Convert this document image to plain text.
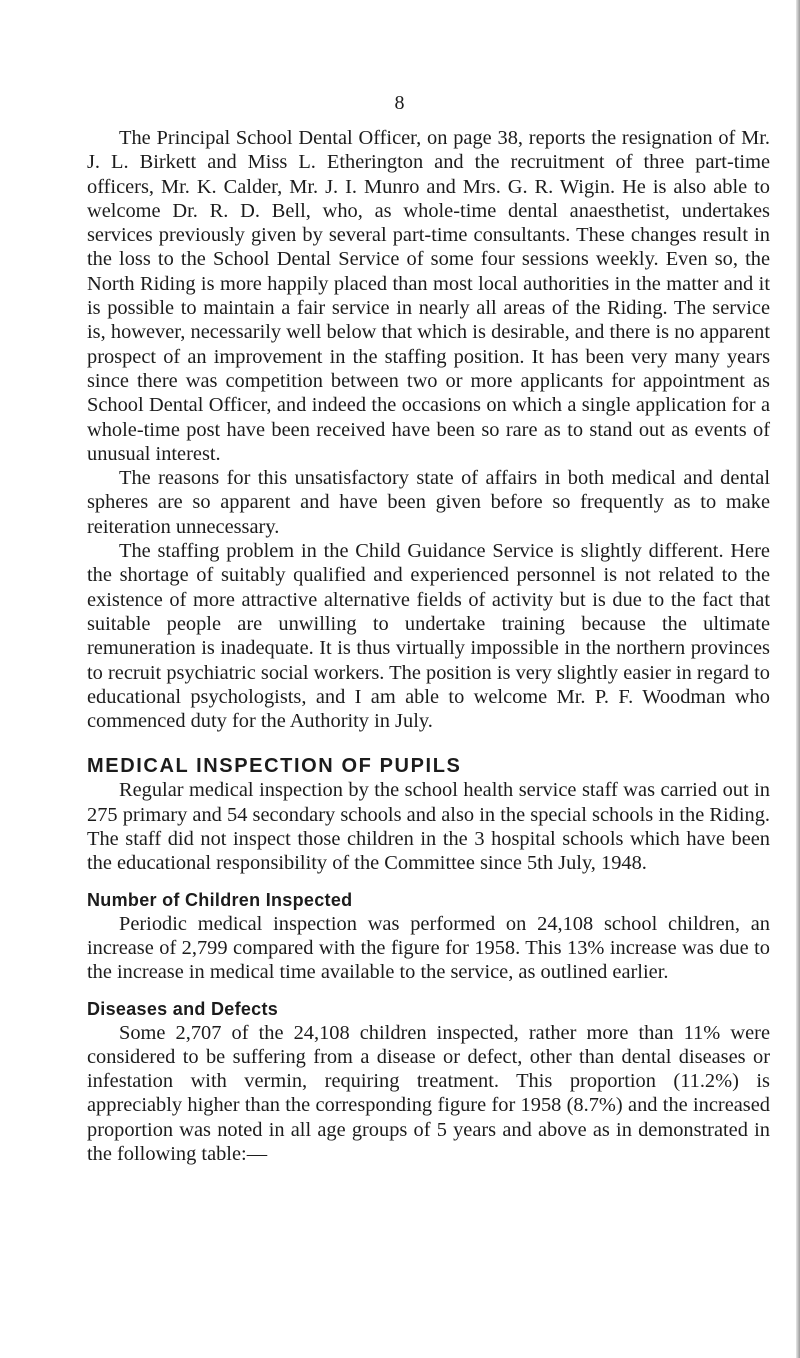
8

The Principal School Dental Officer, on page 38, reports the resignation of Mr. J. L. Birkett and Miss L. Etherington and the recruitment of three part-time officers, Mr. K. Calder, Mr. J. I. Munro and Mrs. G. R. Wigin. He is also able to welcome Dr. R. D. Bell, who, as whole-time dental anaesthetist, undertakes services previously given by several part-time consultants. These changes result in the loss to the School Dental Service of some four sessions weekly. Even so, the North Riding is more happily placed than most local authorities in the matter and it is possible to maintain a fair service in nearly all areas of the Riding. The service is, however, necessarily well below that which is desirable, and there is no apparent prospect of an improvement in the staffing position. It has been very many years since there was competition between two or more applicants for appointment as School Dental Officer, and indeed the occasions on which a single application for a whole-time post have been received have been so rare as to stand out as events of unusual interest.

The reasons for this unsatisfactory state of affairs in both medical and dental spheres are so apparent and have been given before so frequently as to make reiteration unnecessary.

The staffing problem in the Child Guidance Service is slightly different. Here the shortage of suitably qualified and experienced personnel is not related to the existence of more attractive alternative fields of activity but is due to the fact that suitable people are unwilling to undertake training because the ultimate remuneration is inadequate. It is thus virtually impossible in the northern provinces to recruit psychiatric social workers. The position is very slightly easier in regard to educational psychologists, and I am able to welcome Mr. P. F. Woodman who commenced duty for the Authority in July.

MEDICAL INSPECTION OF PUPILS

Regular medical inspection by the school health service staff was carried out in 275 primary and 54 secondary schools and also in the special schools in the Riding. The staff did not inspect those children in the 3 hospital schools which have been the educational responsibility of the Committee since 5th July, 1948.

Number of Children Inspected

Periodic medical inspection was performed on 24,108 school children, an increase of 2,799 compared with the figure for 1958. This 13% increase was due to the increase in medical time available to the service, as outlined earlier.

Diseases and Defects

Some 2,707 of the 24,108 children inspected, rather more than 11% were considered to be suffering from a disease or defect, other than dental diseases or infestation with vermin, requiring treatment. This proportion (11.2%) is appreciably higher than the corresponding figure for 1958 (8.7%) and the increased proportion was noted in all age groups of 5 years and above as in demonstrated in the following table:—
